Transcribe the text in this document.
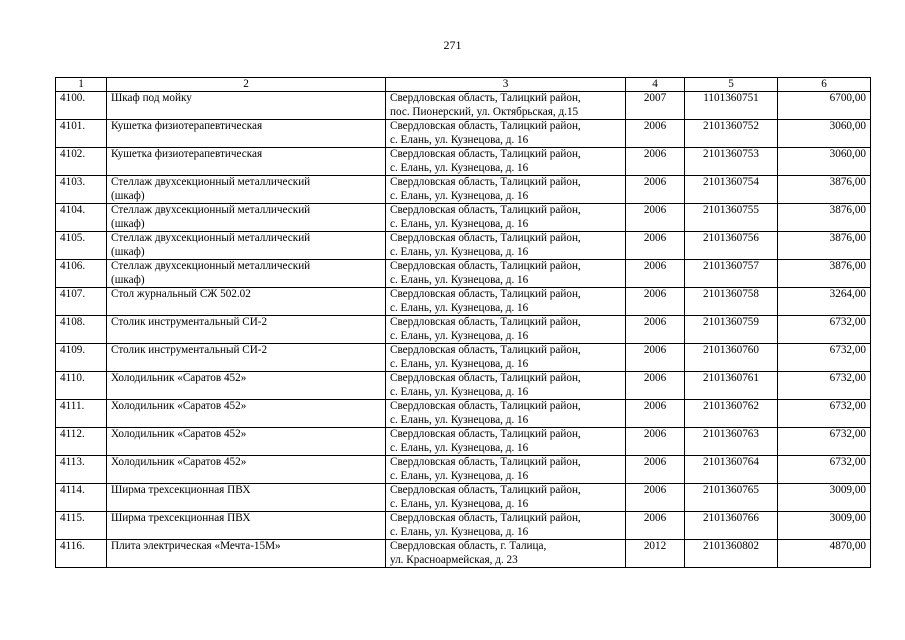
271
1	2	3	4	5	6

4100.	Шкаф под мойку	Свердловская область, Талицкий район,
пос. Пионерский, ул. Октябрьская, д.15	2007	1101360751	6700,00

4101.	Кушетка физиотерапевтическая	Свердловская область, Талицкий район,
с. Елань, ул. Кузнецова, д. 16	2006	2101360752	3060,00

4102.	Кушетка физиотерапевтическая	Свердловская область, Талицкий район,
с. Елань, ул. Кузнецова, д. 16	2006	2101360753	3060,00

4103.	Стеллаж двухсекционный металлический
(шкаф)	Свердловская область, Талицкий район,
с. Елань, ул. Кузнецова, д. 16	2006	2101360754	3876,00

4104.	Стеллаж двухсекционный металлический
(шкаф)	Свердловская область, Талицкий район,
с. Елань, ул. Кузнецова, д. 16	2006	2101360755	3876,00

4105.	Стеллаж двухсекционный металлический
(шкаф)	Свердловская область, Талицкий район,
с. Елань, ул. Кузнецова, д. 16	2006	2101360756	3876,00

4106.	Стеллаж двухсекционный металлический
(шкаф)	Свердловская область, Талицкий район,
с. Елань, ул. Кузнецова, д. 16	2006	2101360757	3876,00

4107.	Стол журнальный СЖ 502.02	Свердловская область, Талицкий район,
с. Елань, ул. Кузнецова, д. 16	2006	2101360758	3264,00

4108.	Столик инструментальный СИ-2	Свердловская область, Талицкий район,
с. Елань, ул. Кузнецова, д. 16	2006	2101360759	6732,00

4109.	Столик инструментальный СИ-2	Свердловская область, Талицкий район,
с. Елань, ул. Кузнецова, д. 16	2006	2101360760	6732,00

4110.	Холодильник «Саратов 452»	Свердловская область, Талицкий район,
с. Елань, ул. Кузнецова, д. 16	2006	2101360761	6732,00

4111.	Холодильник «Саратов 452»	Свердловская область, Талицкий район,
с. Елань, ул. Кузнецова, д. 16	2006	2101360762	6732,00

4112.	Холодильник «Саратов 452»	Свердловская область, Талицкий район,
с. Елань, ул. Кузнецова, д. 16	2006	2101360763	6732,00

4113.	Холодильник «Саратов 452»	Свердловская область, Талицкий район,
с. Елань, ул. Кузнецова, д. 16	2006	2101360764	6732,00

4114.	Ширма трехсекционная ПВХ	Свердловская область, Талицкий район,
с. Елань, ул. Кузнецова, д. 16	2006	2101360765	3009,00

4115.	Ширма трехсекционная ПВХ	Свердловская область, Талицкий район,
с. Елань, ул. Кузнецова, д. 16	2006	2101360766	3009,00

4116.	Плита электрическая «Мечта-15М»	Свердловская область, г. Талица,
ул. Красноармейская, д. 23	2012	2101360802	4870,00
